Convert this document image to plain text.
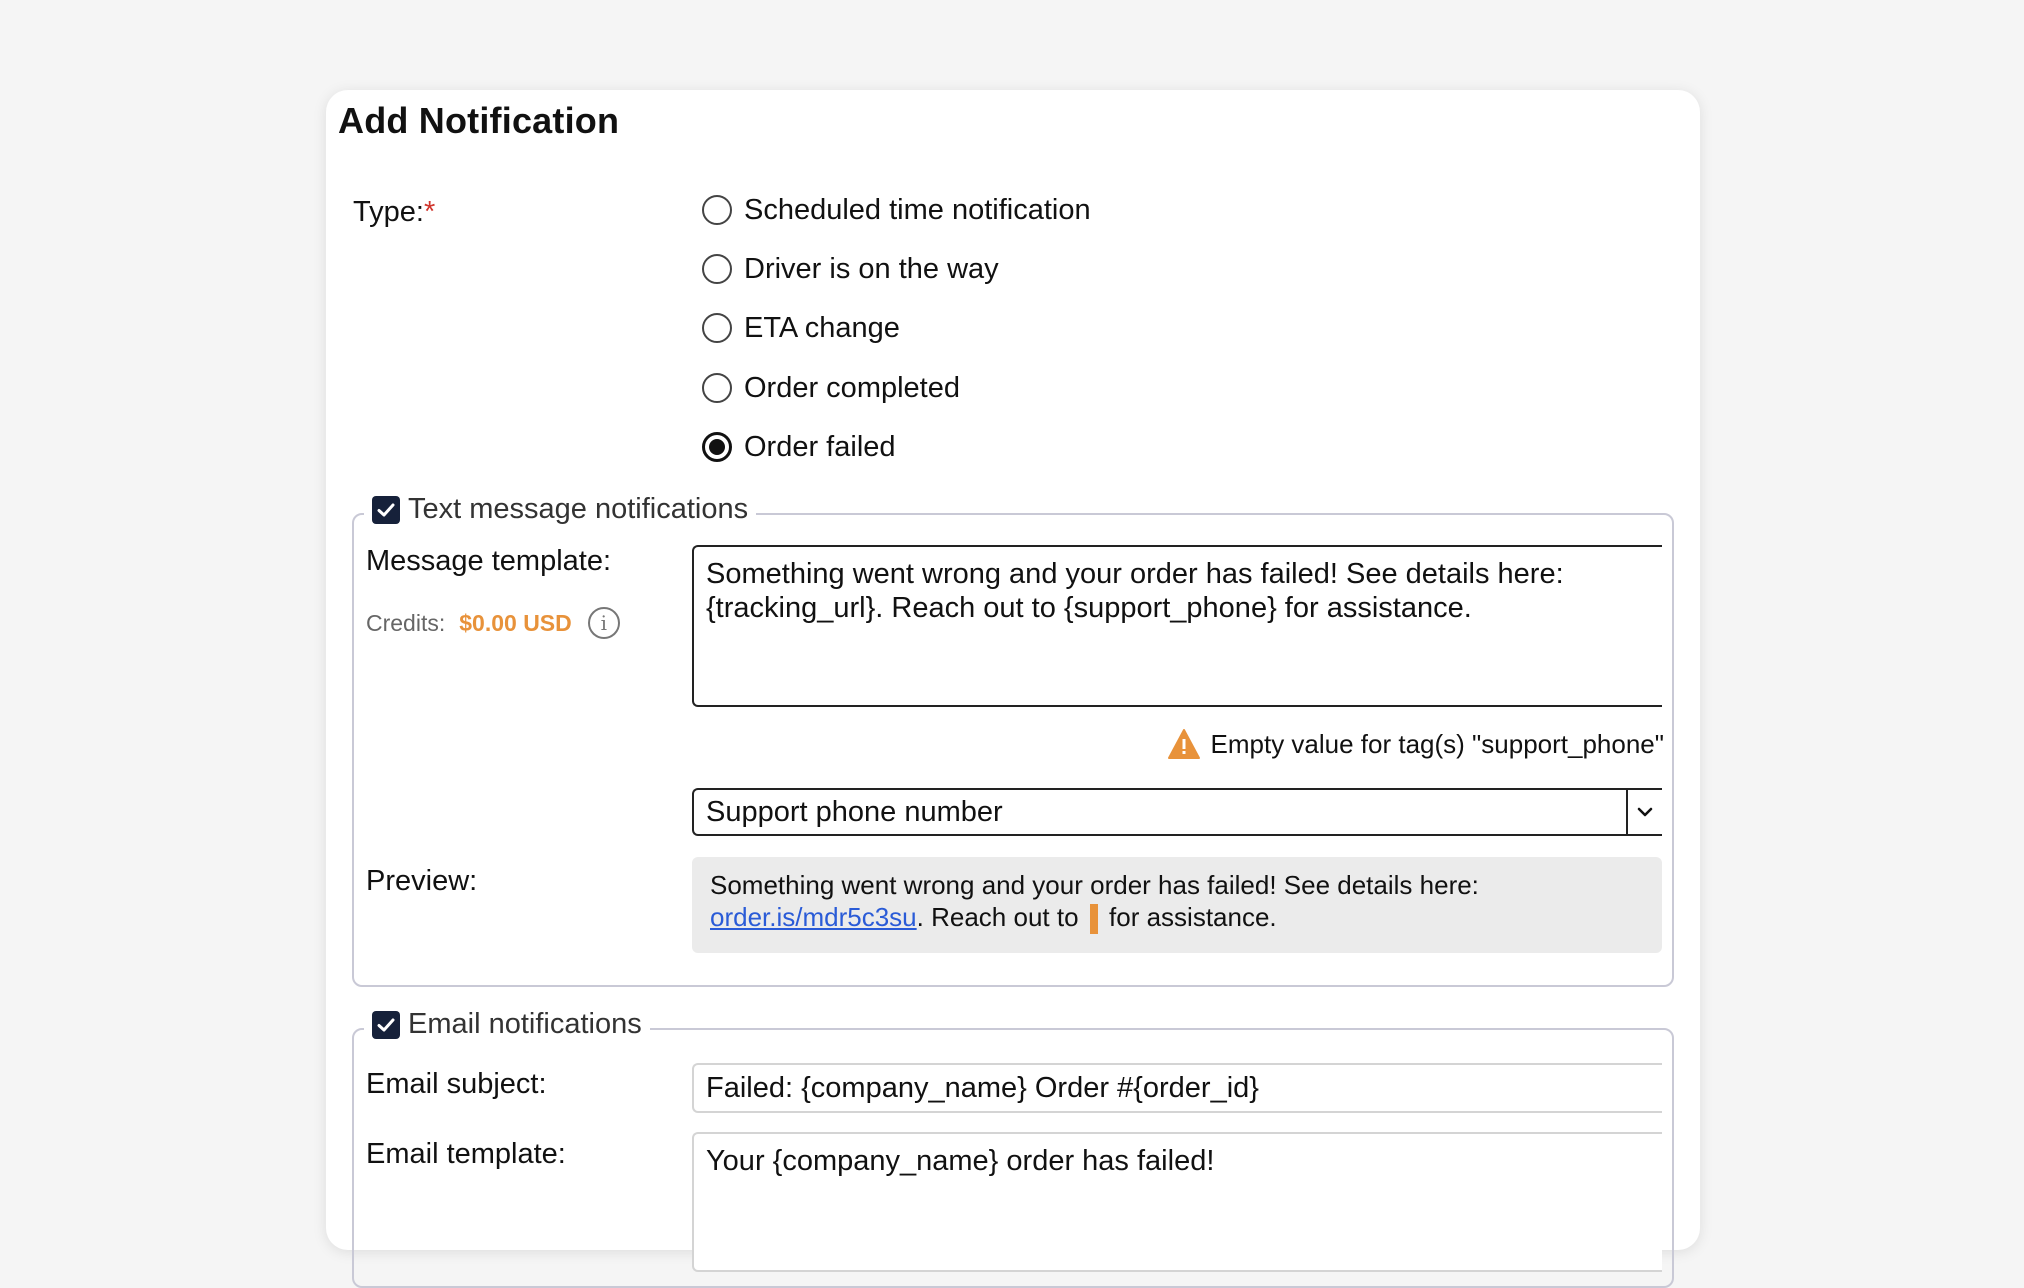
Add Notification
Type:*	Scheduled time notification
Driver is on the way
ETA change
Order completed
Order failed
Text message notifications
Message template:
Credits: $0.00 USD	i
Something went wrong and your order has failed! See details here: {tracking_url}. Reach out to {support_phone} for assistance.
Empty value for tag(s) "support_phone"
Support phone number
Preview:	Something went wrong and your order has failed! See details here:
order.is/mdr5c3su. Reach out to for assistance.
Email notifications
Email subject:	Failed: {company_name} Order #{order_id}
Email template:	Your {company_name} order has failed!
